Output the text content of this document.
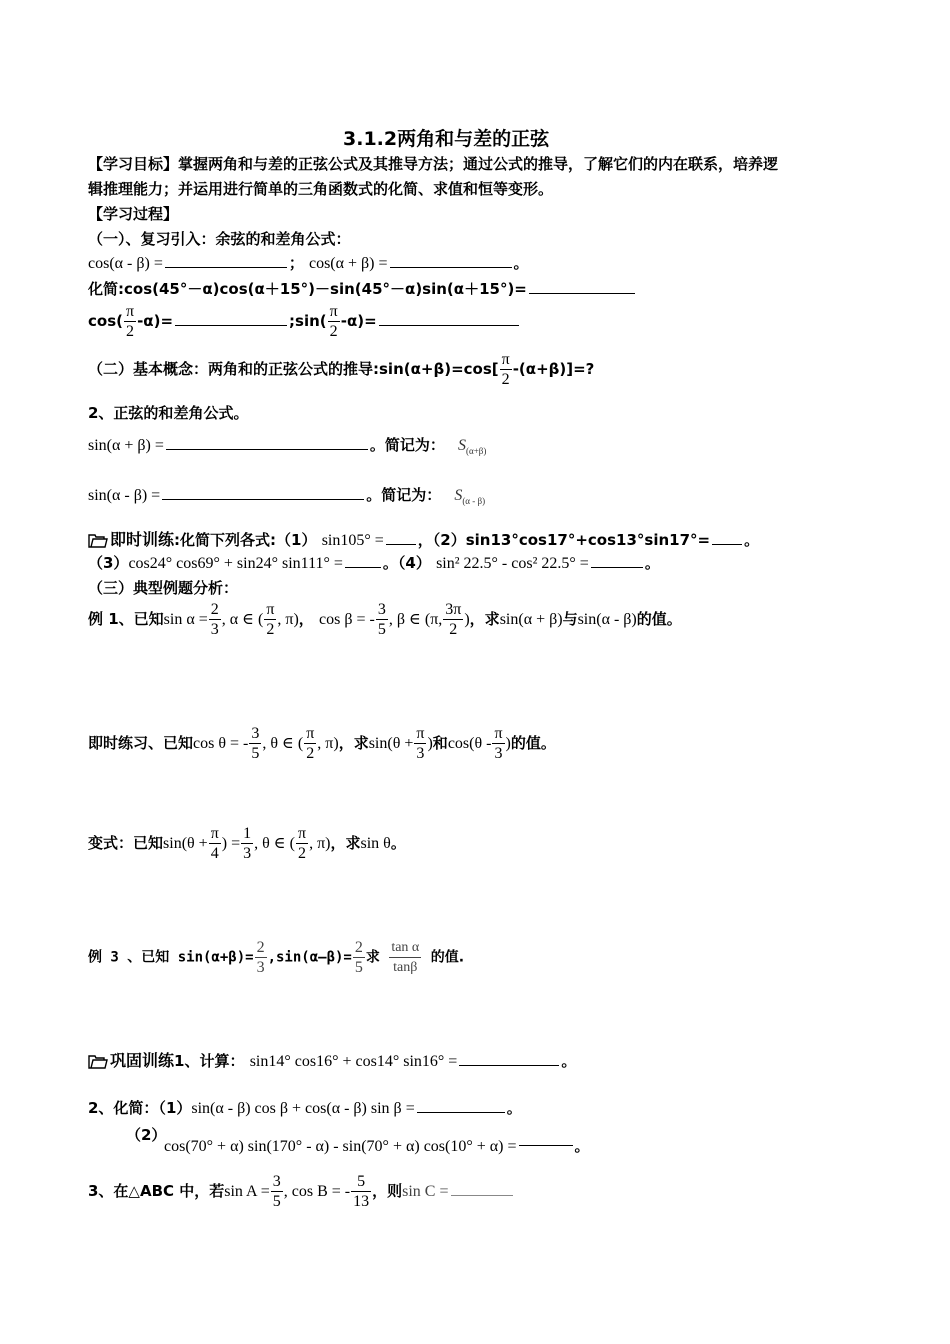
3.1.2两角和与差的正弦
【学习目标】掌握两角和与差的正弦公式及其推导方法；通过公式的推导，了解它们的内在联系，培养逻
辑推理能力；并运用进行简单的三角函数式的化简、求值和恒等变形。
【学习过程】
（一）、复习引入：余弦的和差角公式：
cos(α - β) =	； cos(α + β) =	。
化简:cos(45°－α)cos(α＋15°)－sin(45°－α)sin(α＋15°)=
$\cos( \frac{\pi}{2} -\alpha)=$	;sin( $\frac{\pi}{2} -\alpha)=$
（二）基本概念：两角和的正弦公式的推导:sin(α+β)=cos[ $\frac{\pi}{2} -(\alpha+\beta)]=$?
2、正弦的和差角公式。
sin(α + β) =	。简记为： $S_{(\alpha+\beta)}$
sin(α - β) =	。简记为： $S_{(\alpha - \beta)}$
即时训练:化简下列各式:（1） sin105° = ，（2）sin13°cos17°+cos13°sin17°= 。
（3）cos24° cos69° + sin24° sin111° =	。（4） sin² 22.5° - cos² 22.5° =	。
（三）典型例题分析：
例 1、已知$\sin \alpha = \frac{2}{3}$ , α ∈ ( $\frac{\pi}{2}$ , π)， cos β = - $\frac{3}{5}$ , β ∈ (π, $\frac{3\pi}{2}$ )，求sin(α + β)与sin(α - β)的值。
即时练习、已知cos θ = - $\frac{3}{5}$ , θ ∈ ( $\frac{\pi}{2}$ , π)，求$\sin(\theta + \frac{\pi}{3}$ )和$\cos(\theta - \frac{\pi}{3}$ )的值。
变式：已知$\sin(\theta + \frac{\pi}{4}$ ) = $\frac{1}{3}$ , θ ∈ ( $\frac{\pi}{2}$ , π)，求sin θ。
例 3 、已知 $\sin(\alpha+\beta)= \frac{2}{3} ,\sin(\alpha-\beta)= \frac{2}{5}$ 求 $\frac{\text{tan α}}{\tan\beta}$ 的值.
巩固训练1、计算： sin14° cos16° + cos14° sin16° =	。
2、化简：（1）sin(α - β) cos β + cos(α - β) sin β =	。
（2）
cos(70° + α) sin(170° - α) - sin(70° + α) cos(10° + α) =	。
3、在△ABC 中，若$\sin A = \frac{3}{5}$ , cos B = - $\frac{5}{13}$ ，则sin C =
